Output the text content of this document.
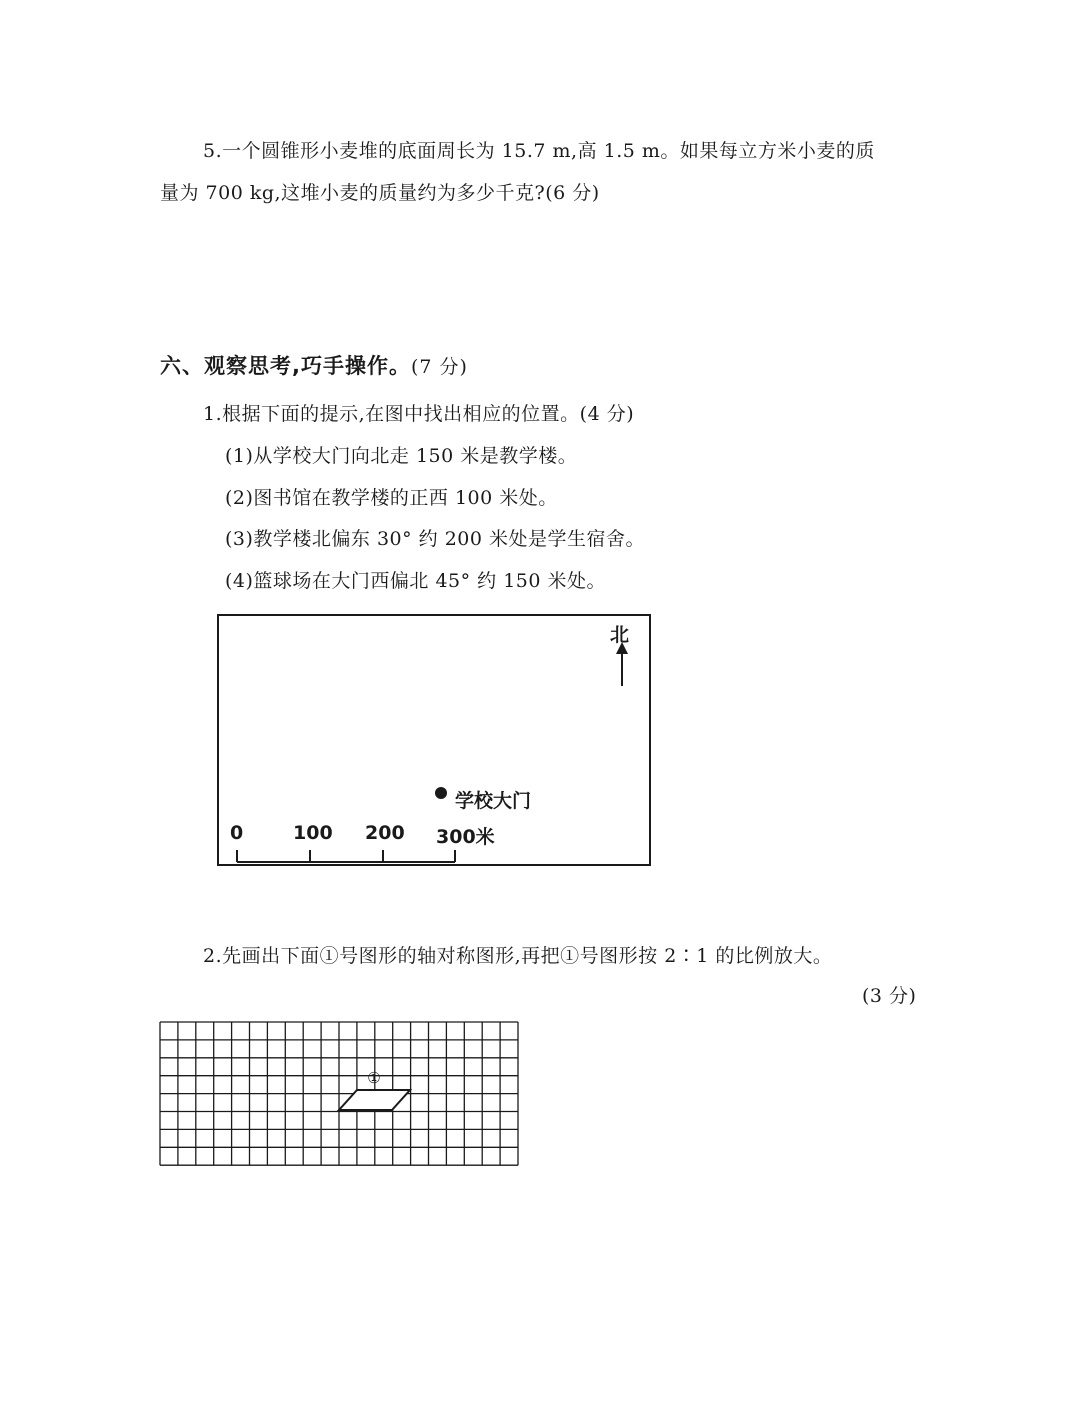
5.一个圆锥形小麦堆的底面周长为 15.7 m,高 1.5 m。如果每立方米小麦的质
量为 700 kg,这堆小麦的质量约为多少千克?(6 分)
六、观察思考,巧手操作。(7 分)
1.根据下面的提示,在图中找出相应的位置。(4 分)
(1)从学校大门向北走 150 米是教学楼。
(2)图书馆在教学楼的正西 100 米处。
(3)教学楼北偏东 30° 约 200 米处是学生宿舍。
(4)篮球场在大门西偏北 45° 约 150 米处。
北
学校大门
0	100 200 300米
2.先画出下面①号图形的轴对称图形,再把①号图形按 2∶1 的比例放大。
(3 分)
①
